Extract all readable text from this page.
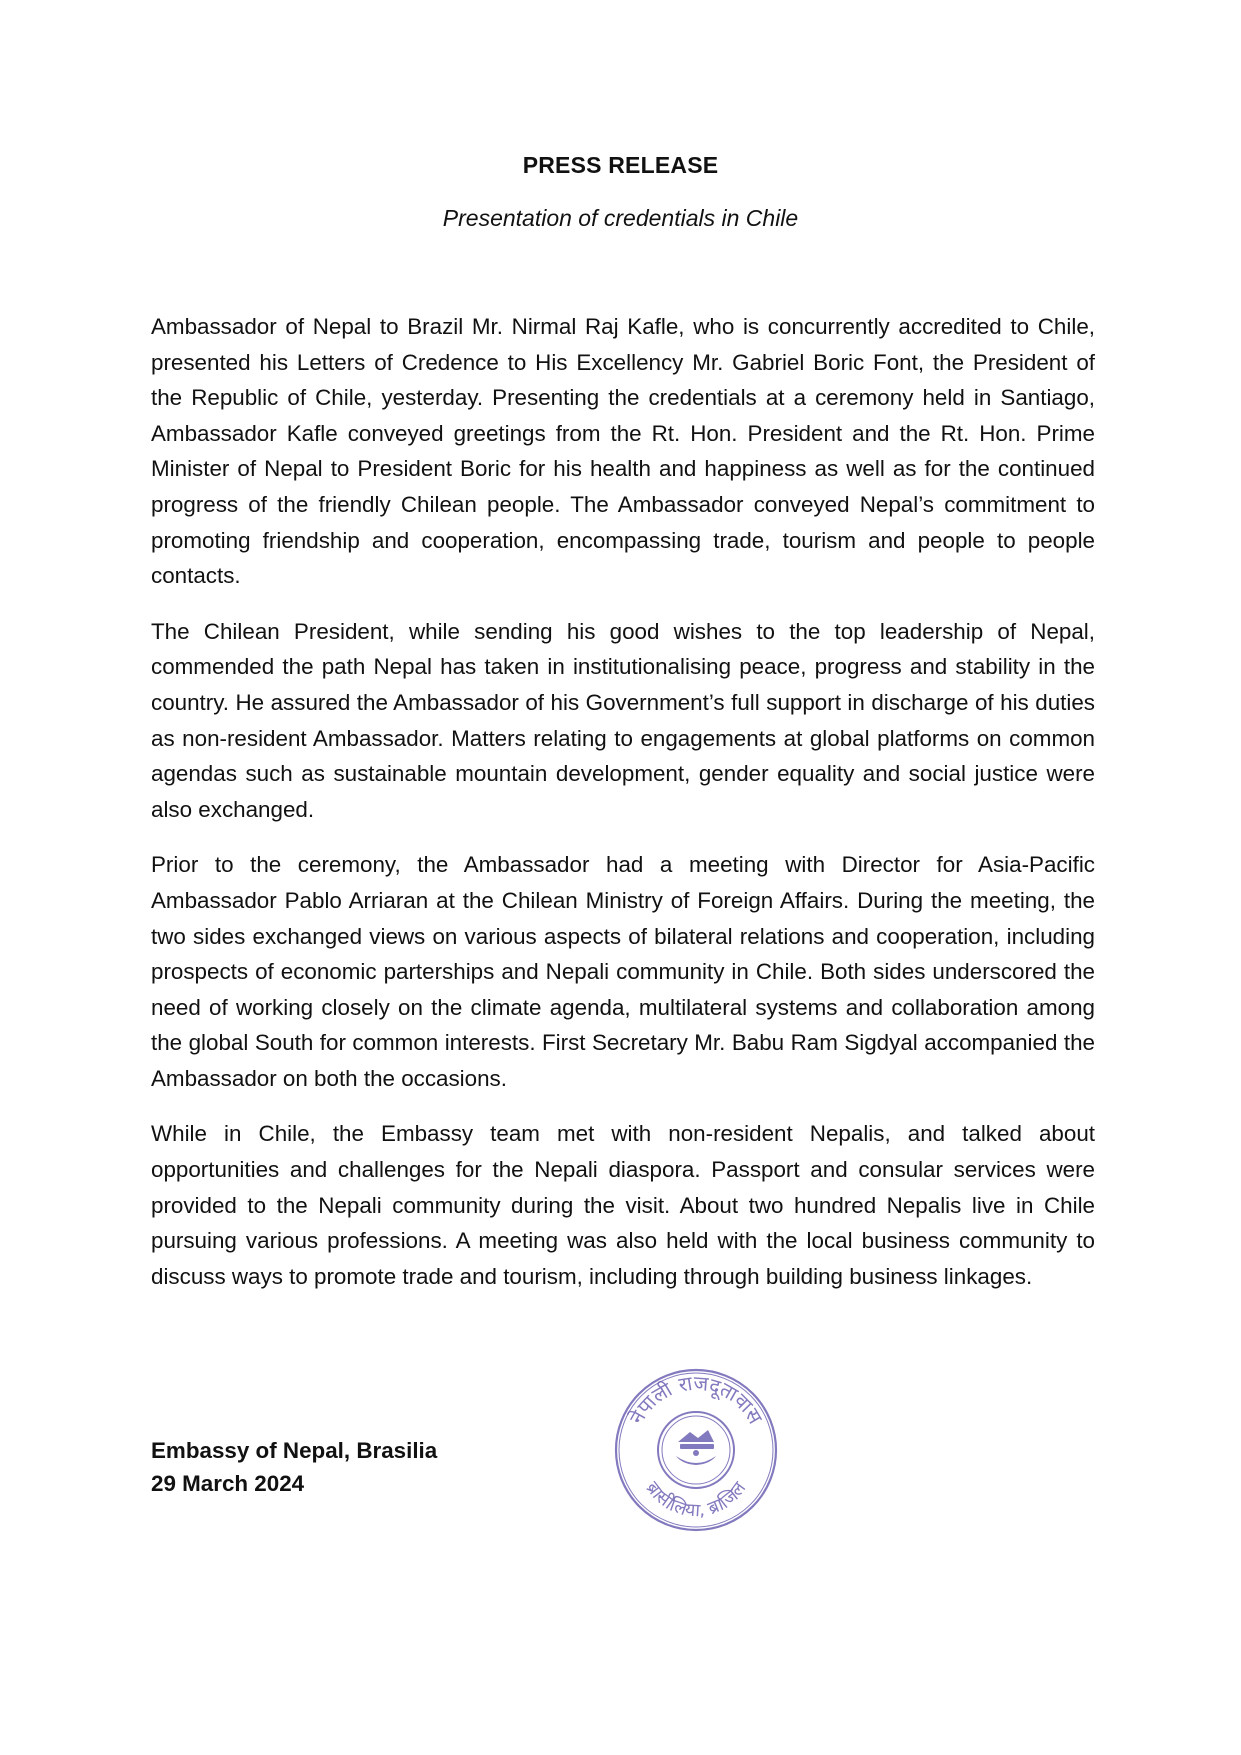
PRESS RELEASE
Presentation of credentials in Chile

Ambassador of Nepal to Brazil Mr. Nirmal Raj Kafle, who is concurrently accredited to Chile, presented his Letters of Credence to His Excellency Mr. Gabriel Boric Font, the President of the Republic of Chile, yesterday. Presenting the credentials at a ceremony held in Santiago, Ambassador Kafle conveyed greetings from the Rt. Hon. President and the Rt. Hon. Prime Minister of Nepal to President Boric for his health and happiness as well as for the continued progress of the friendly Chilean people. The Ambassador conveyed Nepal’s commitment to promoting friendship and cooperation, encompassing trade, tourism and people to people contacts.

The Chilean President, while sending his good wishes to the top leadership of Nepal, commended the path Nepal has taken in institutionalising peace, progress and stability in the country. He assured the Ambassador of his Government’s full support in discharge of his duties as non-resident Ambassador. Matters relating to engagements at global platforms on common agendas such as sustainable mountain development, gender equality and social justice were also exchanged.

Prior to the ceremony, the Ambassador had a meeting with Director for Asia-Pacific Ambassador Pablo Arriaran at the Chilean Ministry of Foreign Affairs. During the meeting, the two sides exchanged views on various aspects of bilateral relations and cooperation, including prospects of economic parterships and Nepali community in Chile. Both sides underscored the need of working closely on the climate agenda, multilateral systems and collaboration among the global South for common interests. First Secretary Mr. Babu Ram Sigdyal accompanied the Ambassador on both the occasions.

While in Chile, the Embassy team met with non-resident Nepalis, and talked about opportunities and challenges for the Nepali diaspora. Passport and consular services were provided to the Nepali community during the visit. About two hundred Nepalis live in Chile pursuing various professions. A meeting was also held with the local business community to discuss ways to promote trade and tourism, including through building business linkages.

Embassy of Nepal, Brasilia
29 March 2024
नेपाली राजदूतावास
ब्रासीलिया, ब्राजिल
